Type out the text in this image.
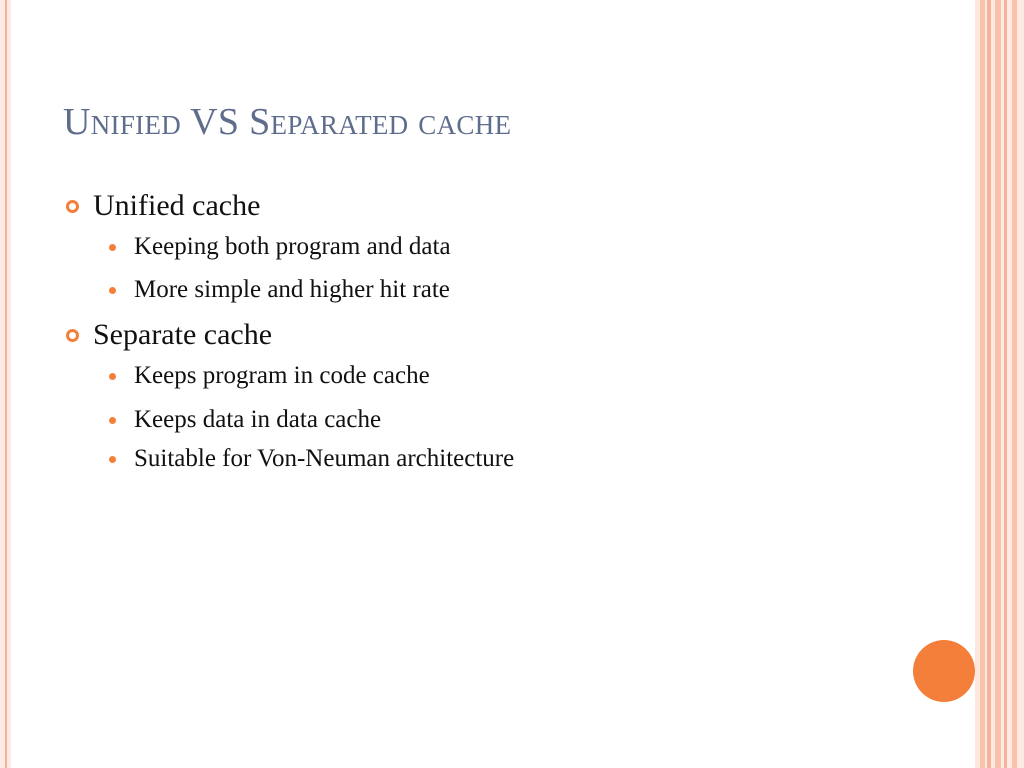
Unified VS Separated cache
Unified cache
Keeping both program and data
More simple and higher hit rate
Separate cache
Keeps program in code cache
Keeps data in data cache
Suitable for Von-Neuman architecture
